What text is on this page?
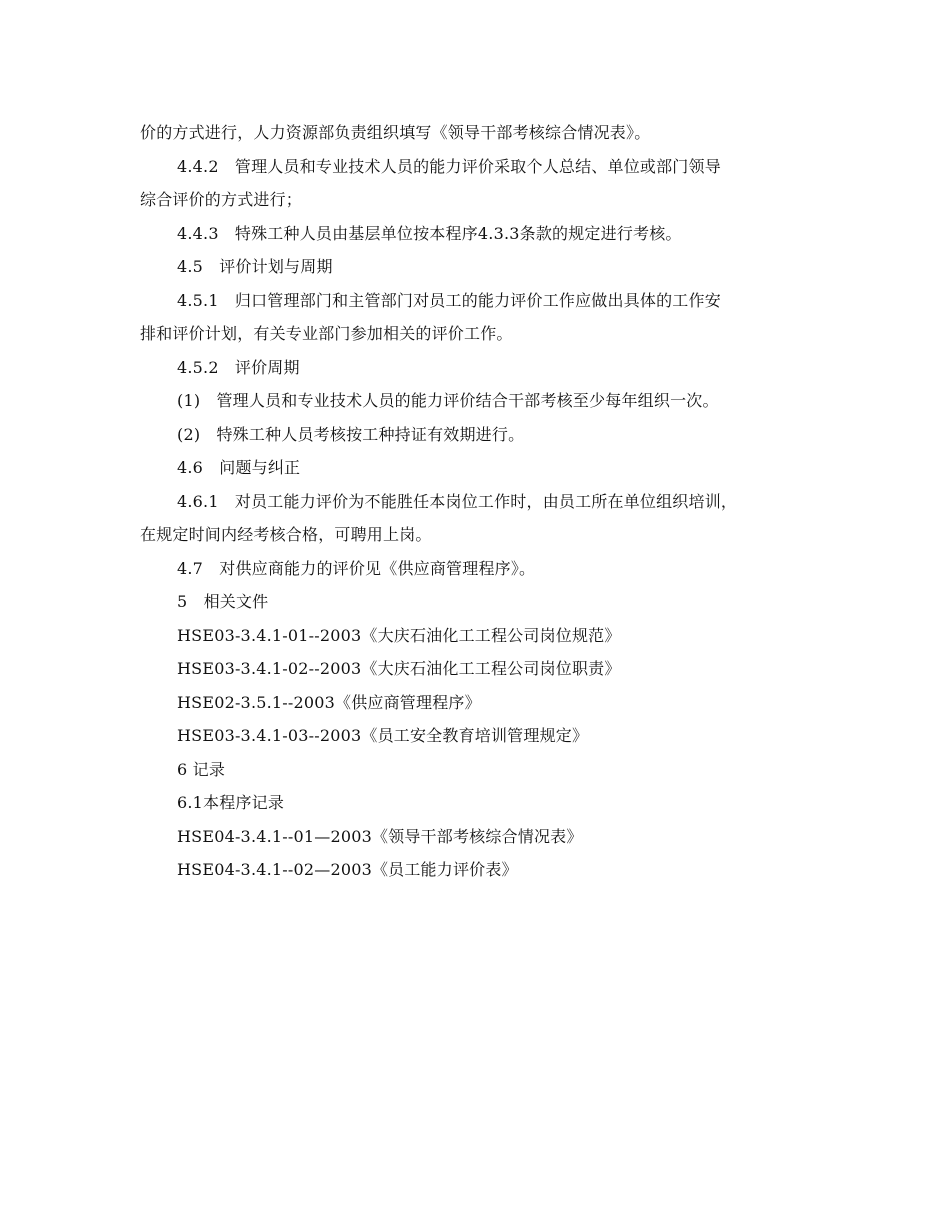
价的方式进行，人力资源部负责组织填写《领导干部考核综合情况表》。
4.4.2　管理人员和专业技术人员的能力评价采取个人总结、单位或部门领导
综合评价的方式进行；
4.4.3　特殊工种人员由基层单位按本程序4.3.3条款的规定进行考核。
4.5　评价计划与周期
4.5.1　归口管理部门和主管部门对员工的能力评价工作应做出具体的工作安
排和评价计划，有关专业部门参加相关的评价工作。
4.5.2　评价周期
(1)　管理人员和专业技术人员的能力评价结合干部考核至少每年组织一次。
(2)　特殊工种人员考核按工种持证有效期进行。
4.6　问题与纠正
4.6.1　对员工能力评价为不能胜任本岗位工作时，由员工所在单位组织培训，
在规定时间内经考核合格，可聘用上岗。
4.7　对供应商能力的评价见《供应商管理程序》。
5　相关文件
HSE03-3.4.1-01--2003《大庆石油化工工程公司岗位规范》
HSE03-3.4.1-02--2003《大庆石油化工工程公司岗位职责》
HSE02-3.5.1--2003《供应商管理程序》
HSE03-3.4.1-03--2003《员工安全教育培训管理规定》
6 记录
6.1本程序记录
HSE04-3.4.1--01—2003《领导干部考核综合情况表》
HSE04-3.4.1--02—2003《员工能力评价表》
